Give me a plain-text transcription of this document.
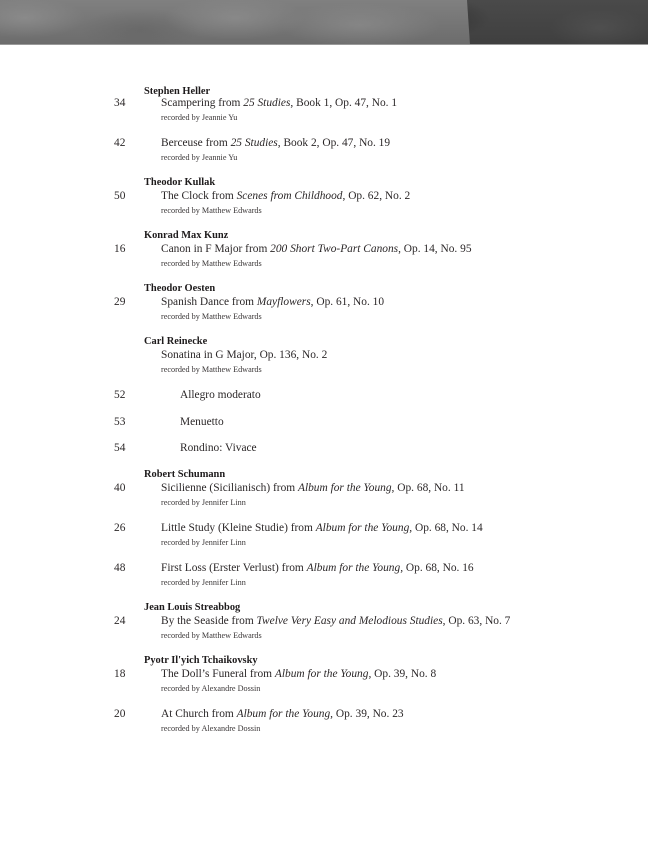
Stephen Heller
34	Scampering from 25 Studies, Book 1, Op. 47, No. 1
recorded by Jeannie Yu
42	Berceuse from 25 Studies, Book 2, Op. 47, No. 19
recorded by Jeannie Yu
Theodor Kullak
50	The Clock from Scenes from Childhood, Op. 62, No. 2
recorded by Matthew Edwards
Konrad Max Kunz
16	Canon in F Major from 200 Short Two-Part Canons, Op. 14, No. 95
recorded by Matthew Edwards
Theodor Oesten
29	Spanish Dance from Mayflowers, Op. 61, No. 10
recorded by Matthew Edwards
Carl Reinecke
Sonatina in G Major, Op. 136, No. 2
recorded by Matthew Edwards
52	Allegro moderato
53	Menuetto
54	Rondino: Vivace
Robert Schumann
40	Sicilienne (Sicilianisch) from Album for the Young, Op. 68, No. 11
recorded by Jennifer Linn
26	Little Study (Kleine Studie) from Album for the Young, Op. 68, No. 14
recorded by Jennifer Linn
48	First Loss (Erster Verlust) from Album for the Young, Op. 68, No. 16
recorded by Jennifer Linn
Jean Louis Streabbog
24	By the Seaside from Twelve Very Easy and Melodious Studies, Op. 63, No. 7
recorded by Matthew Edwards
Pyotr Il'yich Tchaikovsky
18	The Doll’s Funeral from Album for the Young, Op. 39, No. 8
recorded by Alexandre Dossin
20	At Church from Album for the Young, Op. 39, No. 23
recorded by Alexandre Dossin
